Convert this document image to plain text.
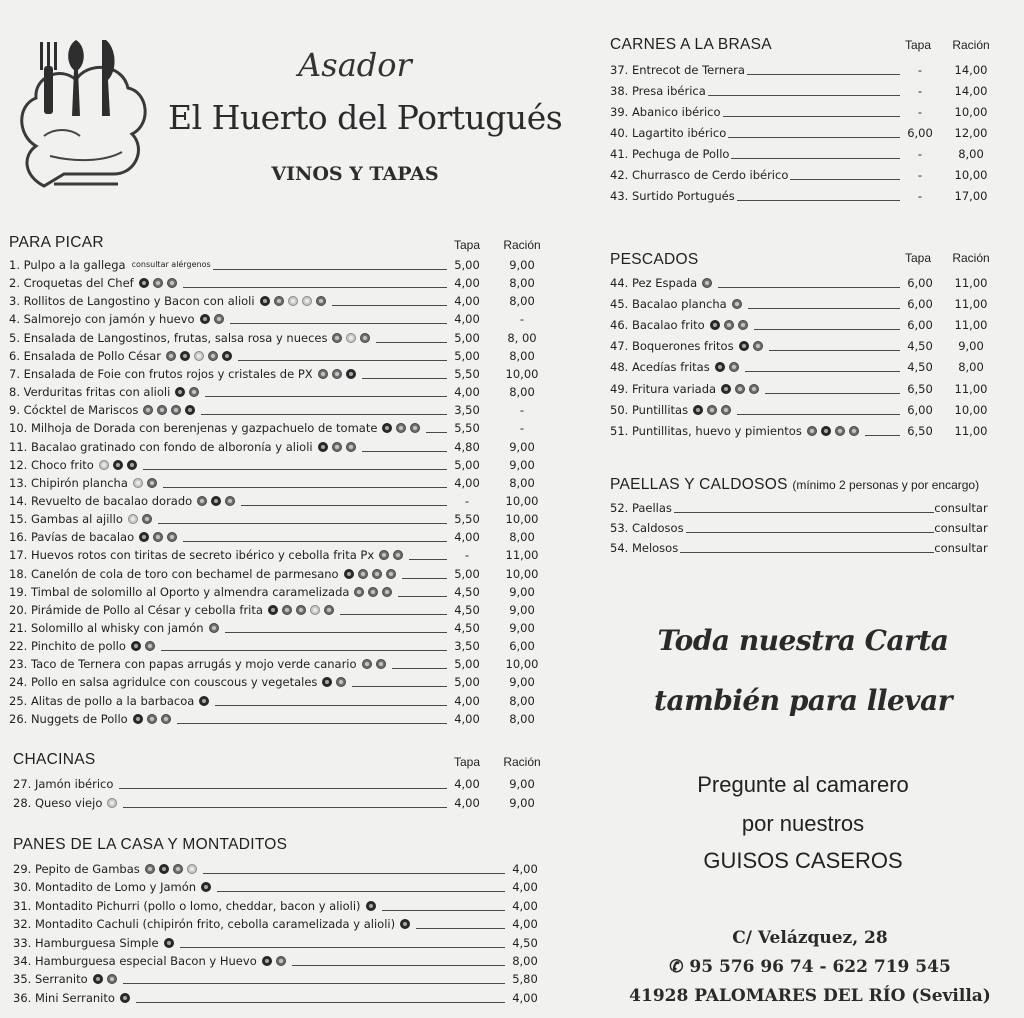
Asador
El Huerto del Portugués
VINOS Y TAPAS
PARA PICAR	Tapa	Ración
1. Pulpo a la gallega consultar alérgenos	5,00	9,00
2. Croquetas del Chef	4,00	8,00
3. Rollitos de Langostino y Bacon con alioli	4,00	8,00
4. Salmorejo con jamón y huevo	4,00	-
5. Ensalada de Langostinos, frutas, salsa rosa y nueces	5,00	8, 00
6. Ensalada de Pollo César	5,00	8,00
7. Ensalada de Foie con frutos rojos y cristales de PX	5,50	10,00
8. Verduritas fritas con alioli	4,00	8,00
9. Cócktel de Mariscos	3,50	-
10. Milhoja de Dorada con berenjenas y gazpachuelo de tomate	5,50	-
11. Bacalao gratinado con fondo de alboronía y alioli	4,80	9,00
12. Choco frito	5,00	9,00
13. Chipirón plancha	4,00	8,00
14. Revuelto de bacalao dorado	-	10,00
15. Gambas al ajillo	5,50	10,00
16. Pavías de bacalao	4,00	8,00
17. Huevos rotos con tiritas de secreto ibérico y cebolla frita Px	-	11,00
18. Canelón de cola de toro con bechamel de parmesano	5,00	10,00
19. Timbal de solomillo al Oporto y almendra caramelizada	4,50	9,00
20. Pirámide de Pollo al César y cebolla frita	4,50	9,00
21. Solomillo al whisky con jamón	4,50	9,00
22. Pinchito de pollo	3,50	6,00
23. Taco de Ternera con papas arrugás y mojo verde canario	5,00	10,00
24. Pollo en salsa agridulce con couscous y vegetales	5,00	9,00
25. Alitas de pollo a la barbacoa	4,00	8,00
26. Nuggets de Pollo	4,00	8,00
CHACINAS	Tapa	Ración
27. Jamón ibérico	4,00	9,00
28. Queso viejo	4,00	9,00
PANES DE LA CASA Y MONTADITOS
29. Pepito de Gambas	4,00
30. Montadito de Lomo y Jamón	4,00
31. Montadito Pichurri (pollo o lomo, cheddar, bacon y alioli)	4,00
32. Montadito Cachuli (chipirón frito, cebolla caramelizada y alioli)	4,00
33. Hamburguesa Simple	4,50
34. Hamburguesa especial Bacon y Huevo	8,00
35. Serranito	5,80
36. Mini Serranito	4,00
CARNES A LA BRASA	Tapa	Ración
37. Entrecot de Ternera	-	14,00
38. Presa ibérica	-	14,00
39. Abanico ibérico	-	10,00
40. Lagartito ibérico	6,00	12,00
41. Pechuga de Pollo	-	8,00
42. Churrasco de Cerdo ibérico	-	10,00
43. Surtido Portugués	-	17,00
PESCADOS	Tapa	Ración
44. Pez Espada	6,00	11,00
45. Bacalao plancha	6,00	11,00
46. Bacalao frito	6,00	11,00
47. Boquerones fritos	4,50	9,00
48. Acedías fritas	4,50	8,00
49. Fritura variada	6,50	11,00
50. Puntillitas	6,00	10,00
51. Puntillitas, huevo y pimientos	6,50	11,00
PAELLAS Y CALDOSOS (mínimo 2 personas y por encargo)
52. Paellas	consultar
53. Caldosos	consultar
54. Melosos	consultar
Toda nuestra Carta
también para llevar
Pregunte al camarero
por nuestros
GUISOS CASEROS
C/ Velázquez, 28
✆ 95 576 96 74 - 622 719 545
41928 PALOMARES DEL RÍO (Sevilla)
